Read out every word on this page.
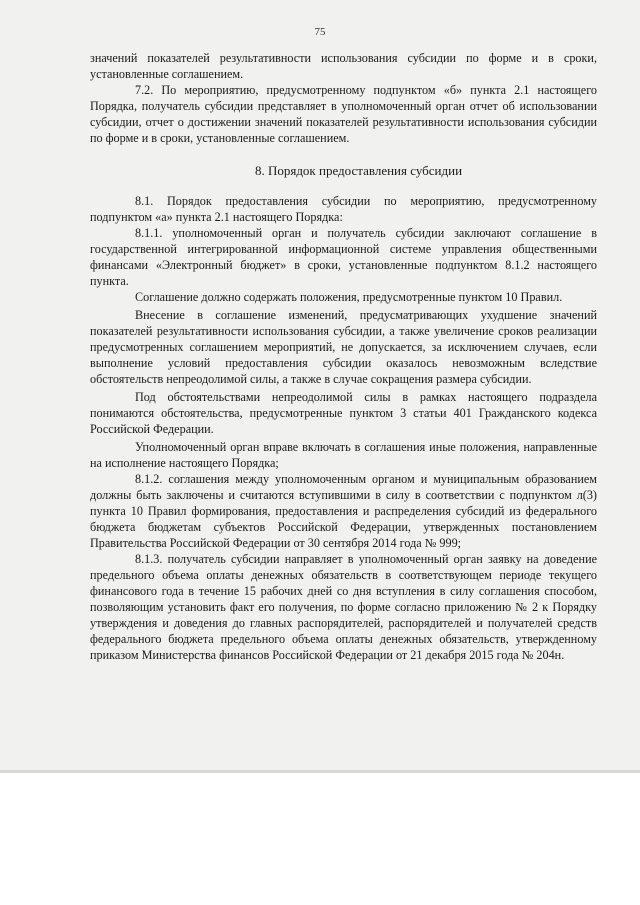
75

значений показателей результативности использования субсидии по форме и в сроки, установленные соглашением.

7.2. По мероприятию, предусмотренному подпунктом «б» пункта 2.1 настоящего Порядка, получатель субсидии представляет в уполномоченный орган отчет об использовании субсидии, отчет о достижении значений показателей результативности использования субсидии по форме и в сроки, установленные соглашением.

8. Порядок предоставления субсидии

8.1. Порядок предоставления субсидии по мероприятию, предусмотренному подпунктом «а» пункта 2.1 настоящего Порядка:

8.1.1. уполномоченный орган и получатель субсидии заключают соглашение в государственной интегрированной информационной системе управления общественными финансами «Электронный бюджет» в сроки, установленные подпунктом 8.1.2 настоящего пункта.

Соглашение должно содержать положения, предусмотренные пунктом 10 Правил.

Внесение в соглашение изменений, предусматривающих ухудшение значений показателей результативности использования субсидии, а также увеличение сроков реализации предусмотренных соглашением мероприятий, не допускается, за исключением случаев, если выполнение условий предоставления субсидии оказалось невозможным вследствие обстоятельств непреодолимой силы, а также в случае сокращения размера субсидии.

Под обстоятельствами непреодолимой силы в рамках настоящего подраздела понимаются обстоятельства, предусмотренные пунктом 3 статьи 401 Гражданского кодекса Российской Федерации.

Уполномоченный орган вправе включать в соглашения иные положения, направленные на исполнение настоящего Порядка;

8.1.2. соглашения между уполномоченным органом и муниципальным образованием должны быть заключены и считаются вступившими в силу в соответствии с подпунктом л(3) пункта 10 Правил формирования, предоставления и распределения субсидий из федерального бюджета бюджетам субъектов Российской Федерации, утвержденных постановлением Правительства Российской Федерации от 30 сентября 2014 года № 999;

8.1.3. получатель субсидии направляет в уполномоченный орган заявку на доведение предельного объема оплаты денежных обязательств в соответствующем периоде текущего финансового года в течение 15 рабочих дней со дня вступления в силу соглашения способом, позволяющим установить факт его получения, по форме согласно приложению № 2 к Порядку утверждения и доведения до главных распорядителей, распорядителей и получателей средств федерального бюджета предельного объема оплаты денежных обязательств, утвержденному приказом Министерства финансов Российской Федерации от 21 декабря 2015 года № 204н.
